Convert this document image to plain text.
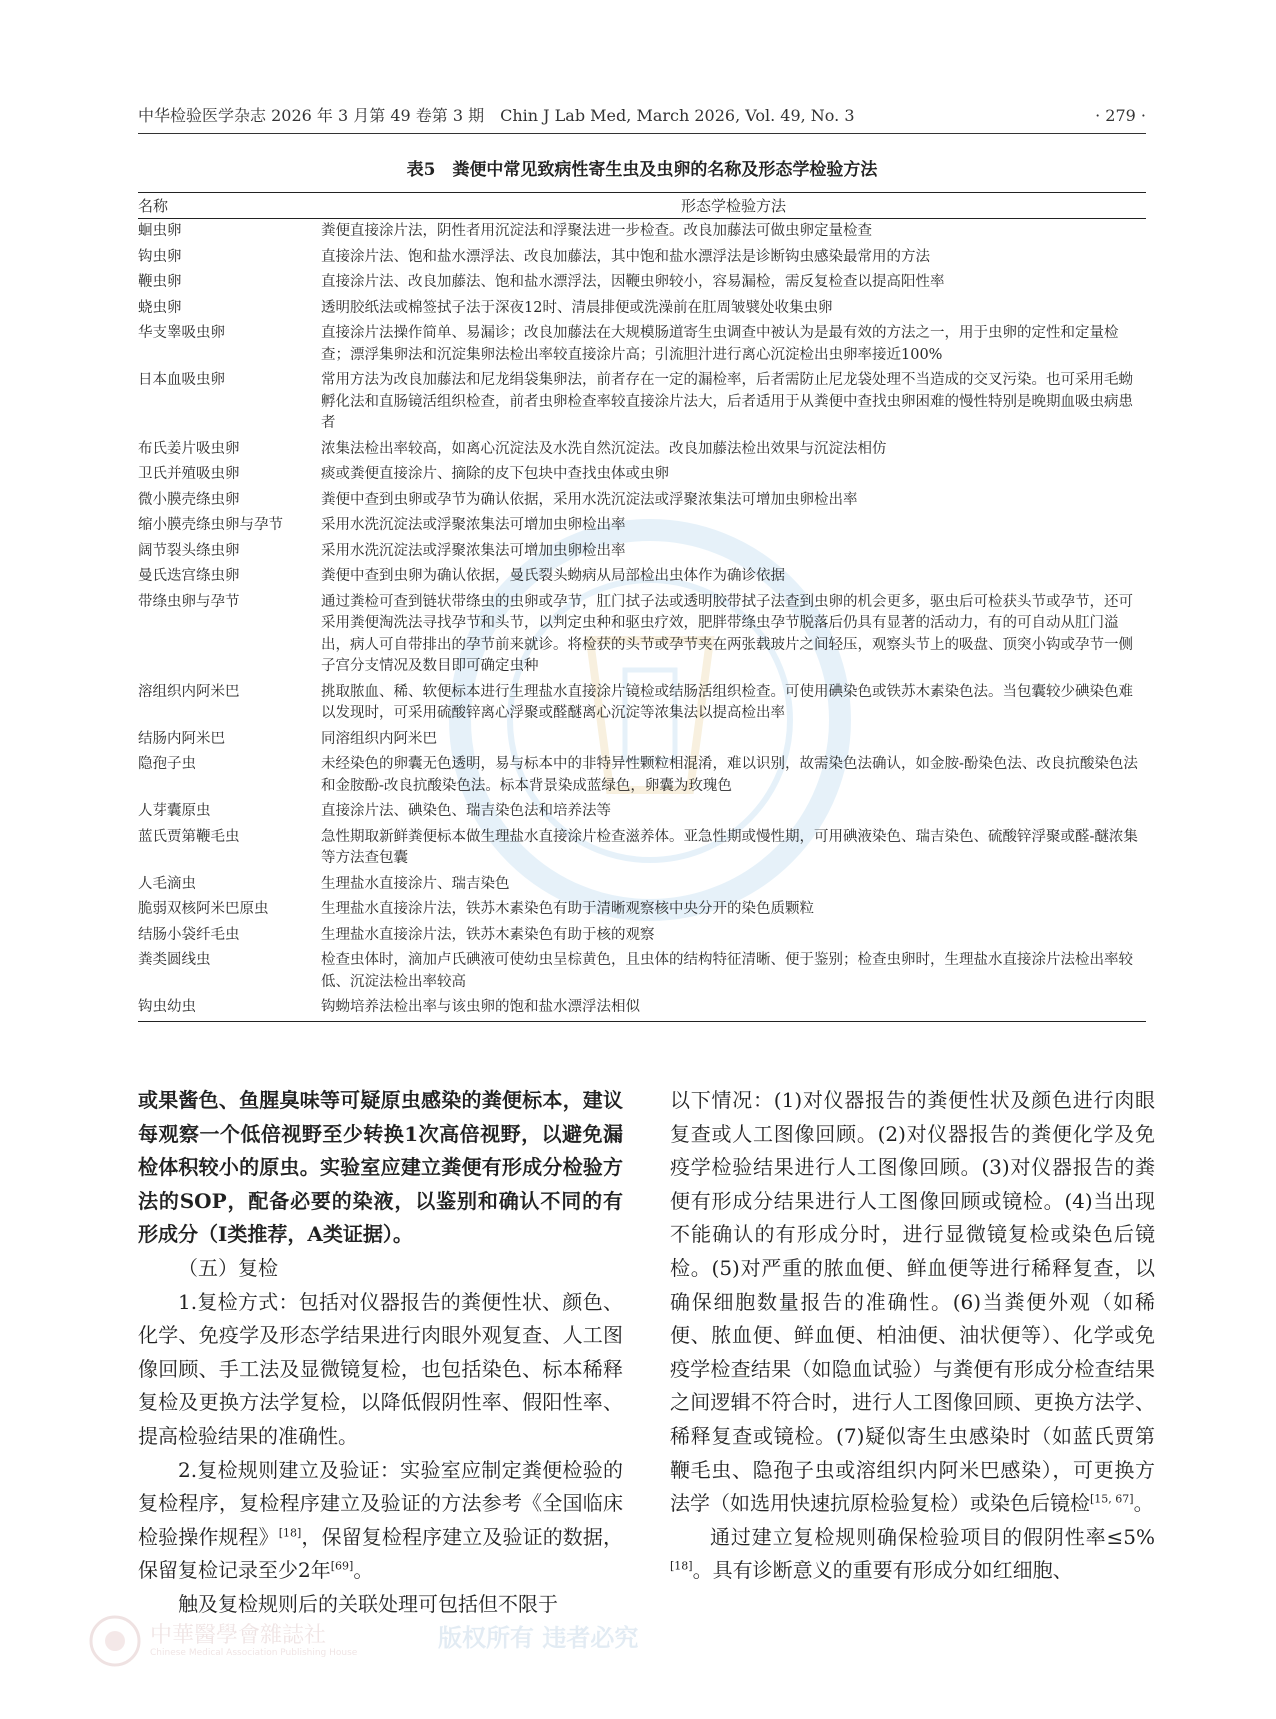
中华检验医学杂志 2026 年 3 月第 49 卷第 3 期　Chin J Lab Med, March 2026, Vol. 49, No. 3	· 279 ·
表5　粪便中常见致病性寄生虫及虫卵的名称及形态学检验方法
名称	形态学检验方法
蛔虫卵	粪便直接涂片法，阴性者用沉淀法和浮聚法进一步检查。改良加藤法可做虫卵定量检查
钩虫卵	直接涂片法、饱和盐水漂浮法、改良加藤法，其中饱和盐水漂浮法是诊断钩虫感染最常用的方法
鞭虫卵	直接涂片法、改良加藤法、饱和盐水漂浮法，因鞭虫卵较小，容易漏检，需反复检查以提高阳性率
蛲虫卵	透明胶纸法或棉签拭子法于深夜12时、清晨排便或洗澡前在肛周皱襞处收集虫卵
华支睾吸虫卵	直接涂片法操作简单、易漏诊；改良加藤法在大规模肠道寄生虫调查中被认为是最有效的方法之一，用于虫卵的定性和定量检查；漂浮集卵法和沉淀集卵法检出率较直接涂片高；引流胆汁进行离心沉淀检出虫卵率接近100%
日本血吸虫卵	常用方法为改良加藤法和尼龙绢袋集卵法，前者存在一定的漏检率，后者需防止尼龙袋处理不当造成的交叉污染。也可采用毛蚴孵化法和直肠镜活组织检查，前者虫卵检查率较直接涂片法大，后者适用于从粪便中查找虫卵困难的慢性特别是晚期血吸虫病患者
布氏姜片吸虫卵	浓集法检出率较高，如离心沉淀法及水洗自然沉淀法。改良加藤法检出效果与沉淀法相仿
卫氏并殖吸虫卵	痰或粪便直接涂片、摘除的皮下包块中查找虫体或虫卵
微小膜壳绦虫卵	粪便中查到虫卵或孕节为确认依据，采用水洗沉淀法或浮聚浓集法可增加虫卵检出率
缩小膜壳绦虫卵与孕节	采用水洗沉淀法或浮聚浓集法可增加虫卵检出率
阔节裂头绦虫卵	采用水洗沉淀法或浮聚浓集法可增加虫卵检出率
曼氏迭宫绦虫卵	粪便中查到虫卵为确认依据，曼氏裂头蚴病从局部检出虫体作为确诊依据
带绦虫卵与孕节	通过粪检可查到链状带绦虫的虫卵或孕节，肛门拭子法或透明胶带拭子法查到虫卵的机会更多，驱虫后可检获头节或孕节，还可采用粪便淘洗法寻找孕节和头节，以判定虫种和驱虫疗效，肥胖带绦虫孕节脱落后仍具有显著的活动力，有的可自动从肛门溢出，病人可自带排出的孕节前来就诊。将检获的头节或孕节夹在两张载玻片之间轻压，观察头节上的吸盘、顶突小钩或孕节一侧子宫分支情况及数目即可确定虫种
溶组织内阿米巴	挑取脓血、稀、软便标本进行生理盐水直接涂片镜检或结肠活组织检查。可使用碘染色或铁苏木素染色法。当包囊较少碘染色难以发现时，可采用硫酸锌离心浮聚或醛醚离心沉淀等浓集法以提高检出率
结肠内阿米巴	同溶组织内阿米巴
隐孢子虫	未经染色的卵囊无色透明，易与标本中的非特异性颗粒相混淆，难以识别，故需染色法确认，如金胺-酚染色法、改良抗酸染色法和金胺酚-改良抗酸染色法。标本背景染成蓝绿色，卵囊为玫瑰色
人芽囊原虫	直接涂片法、碘染色、瑞吉染色法和培养法等
蓝氏贾第鞭毛虫	急性期取新鲜粪便标本做生理盐水直接涂片检查滋养体。亚急性期或慢性期，可用碘液染色、瑞吉染色、硫酸锌浮聚或醛-醚浓集等方法查包囊
人毛滴虫	生理盐水直接涂片、瑞吉染色
脆弱双核阿米巴原虫	生理盐水直接涂片法，铁苏木素染色有助于清晰观察核中央分开的染色质颗粒
结肠小袋纤毛虫	生理盐水直接涂片法，铁苏木素染色有助于核的观察
粪类圆线虫	检查虫体时，滴加卢氏碘液可使幼虫呈棕黄色，且虫体的结构特征清晰、便于鉴别；检查虫卵时，生理盐水直接涂片法检出率较低、沉淀法检出率较高
钩虫幼虫	钩蚴培养法检出率与该虫卵的饱和盐水漂浮法相似

或果酱色、鱼腥臭味等可疑原虫感染的粪便标本，建议每观察一个低倍视野至少转换1次高倍视野，以避免漏检体积较小的原虫。实验室应建立粪便有形成分检验方法的SOP，配备必要的染液，以鉴别和确认不同的有形成分（Ⅰ类推荐，A类证据）。

（五）复检

1.复检方式：包括对仪器报告的粪便性状、颜色、化学、免疫学及形态学结果进行肉眼外观复查、人工图像回顾、手工法及显微镜复检，也包括染色、标本稀释复检及更换方法学复检，以降低假阴性率、假阳性率、提高检验结果的准确性。

2.复检规则建立及验证：实验室应制定粪便检验的复检程序，复检程序建立及验证的方法参考《全国临床检验操作规程》[18]，保留复检程序建立及验证的数据，保留复检记录至少2年[69]。

触及复检规则后的关联处理可包括但不限于

以下情况：(1)对仪器报告的粪便性状及颜色进行肉眼复查或人工图像回顾。(2)对仪器报告的粪便化学及免疫学检验结果进行人工图像回顾。(3)对仪器报告的粪便有形成分结果进行人工图像回顾或镜检。(4)当出现不能确认的有形成分时，进行显微镜复检或染色后镜检。(5)对严重的脓血便、鲜血便等进行稀释复查，以确保细胞数量报告的准确性。(6)当粪便外观（如稀便、脓血便、鲜血便、柏油便、油状便等）、化学或免疫学检查结果（如隐血试验）与粪便有形成分检查结果之间逻辑不符合时，进行人工图像回顾、更换方法学、稀释复查或镜检。(7)疑似寄生虫感染时（如蓝氏贾第鞭毛虫、隐孢子虫或溶组织内阿米巴感染），可更换方法学（如选用快速抗原检验复检）或染色后镜检[15, 67]。

通过建立复检规则确保检验项目的假阴性率≤5%[18]。具有诊断意义的重要有形成分如红细胞、

中華醫學會雜誌社
Chinese Medical Association Publishing House
版权所有 违者必究
